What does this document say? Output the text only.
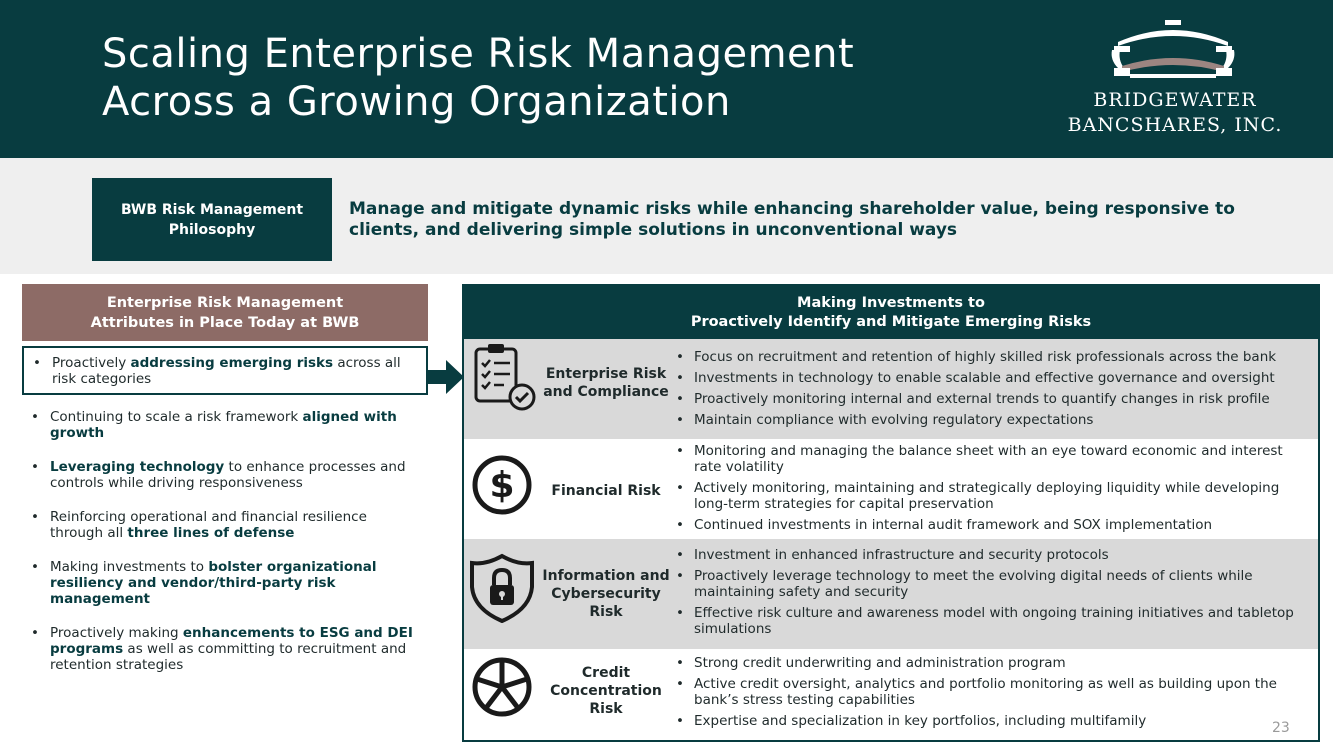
Scaling Enterprise Risk Management
Across a Growing Organization	BRIDGEWATER
BANCSHARES, INC.
BWB Risk Management
Philosophy
Manage and mitigate dynamic risks while enhancing shareholder value, being responsive to clients, and delivering simple solutions in unconventional ways
Enterprise Risk Management
Attributes in Place Today at BWB
• Proactively addressing emerging risks across all risk categories
• Continuing to scale a risk framework aligned with growth
• Leveraging technology to enhance processes and controls while driving responsiveness
• Reinforcing operational and financial resilience through all three lines of defense
• Making investments to bolster organizational resiliency and vendor/third-party risk management
• Proactively making enhancements to ESG and DEI programs as well as committing to recruitment and retention strategies
Making Investments to
Proactively Identify and Mitigate Emerging Risks
Enterprise Risk and Compliance
• Focus on recruitment and retention of highly skilled risk professionals across the bank
• Investments in technology to enable scalable and effective governance and oversight
• Proactively monitoring internal and external trends to quantify changes in risk profile
• Maintain compliance with evolving regulatory expectations
$	Financial Risk
• Monitoring and managing the balance sheet with an eye toward economic and interest rate volatility
• Actively monitoring, maintaining and strategically deploying liquidity while developing long-term strategies for capital preservation
• Continued investments in internal audit framework and SOX implementation
Information and Cybersecurity Risk
• Investment in enhanced infrastructure and security protocols
• Proactively leverage technology to meet the evolving digital needs of clients while maintaining safety and security
• Effective risk culture and awareness model with ongoing training initiatives and tabletop simulations
Credit Concentration Risk
• Strong credit underwriting and administration program
• Active credit oversight, analytics and portfolio monitoring as well as building upon the bank’s stress testing capabilities
• Expertise and specialization in key portfolios, including multifamily	23
